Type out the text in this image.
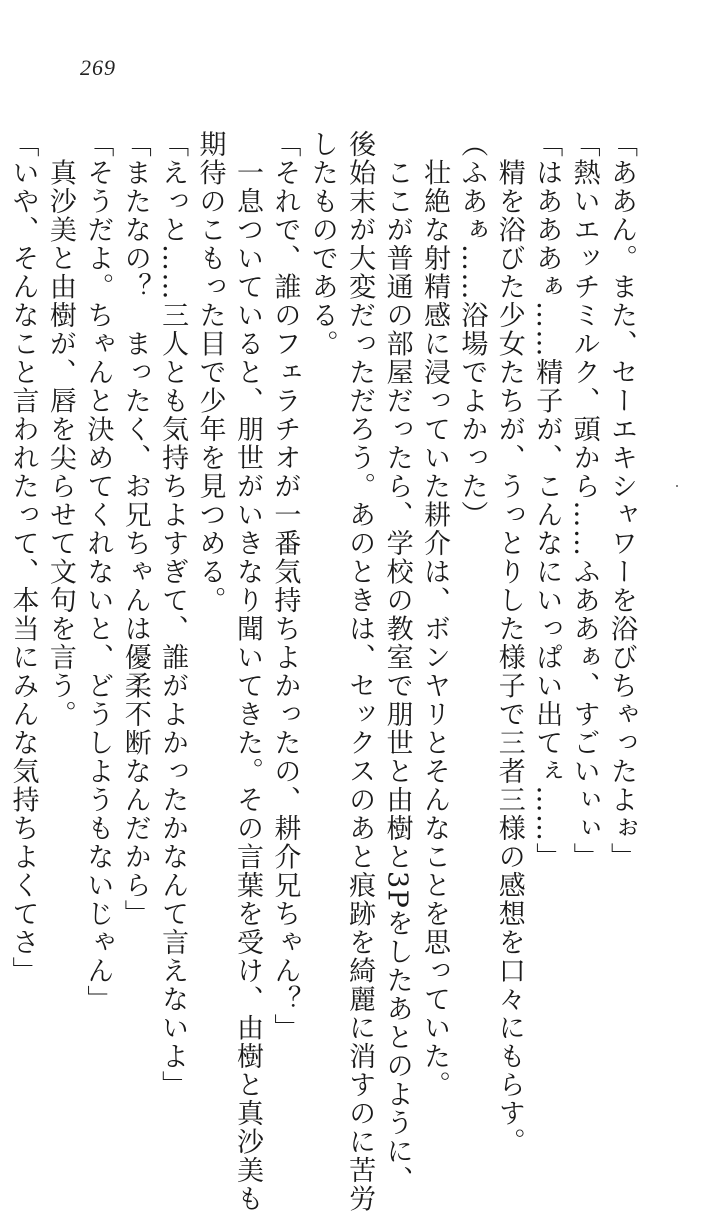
269

「ああん。また、セーエキシャワーを浴びちゃったよぉ」

「熱いエッチミルク、頭から……ふああぁ、すごいぃぃ」

「はあああぁ……精子が、こんなにいっぱい出てぇ……」

　精を浴びた少女たちが、うっとりした様子で三者三様の感想を口々にもらす。

（ふあぁ……浴場でよかった）

　壮絶な射精感に浸っていた耕介は、ボンヤリとそんなことを思っていた。

　ここが普通の部屋だったら、学校の教室で朋世と由樹と3Pをしたあとのように、

後始末が大変だっただろう。あのときは、セックスのあと痕跡を綺麗に消すのに苦労

したものである。

「それで、誰のフェラチオが一番気持ちよかったの、耕介兄ちゃん？」

　一息ついていると、朋世がいきなり聞いてきた。その言葉を受け、由樹と真沙美も

期待のこもった目で少年を見つめる。

「えっと……三人とも気持ちよすぎて、誰がよかったかなんて言えないよ」

「またなの？　まったく、お兄ちゃんは優柔不断なんだから」

「そうだよ。ちゃんと決めてくれないと、どうしようもないじゃん」

　真沙美と由樹が、唇を尖らせて文句を言う。

「いや、そんなこと言われたって、本当にみんな気持ちよくてさ」
